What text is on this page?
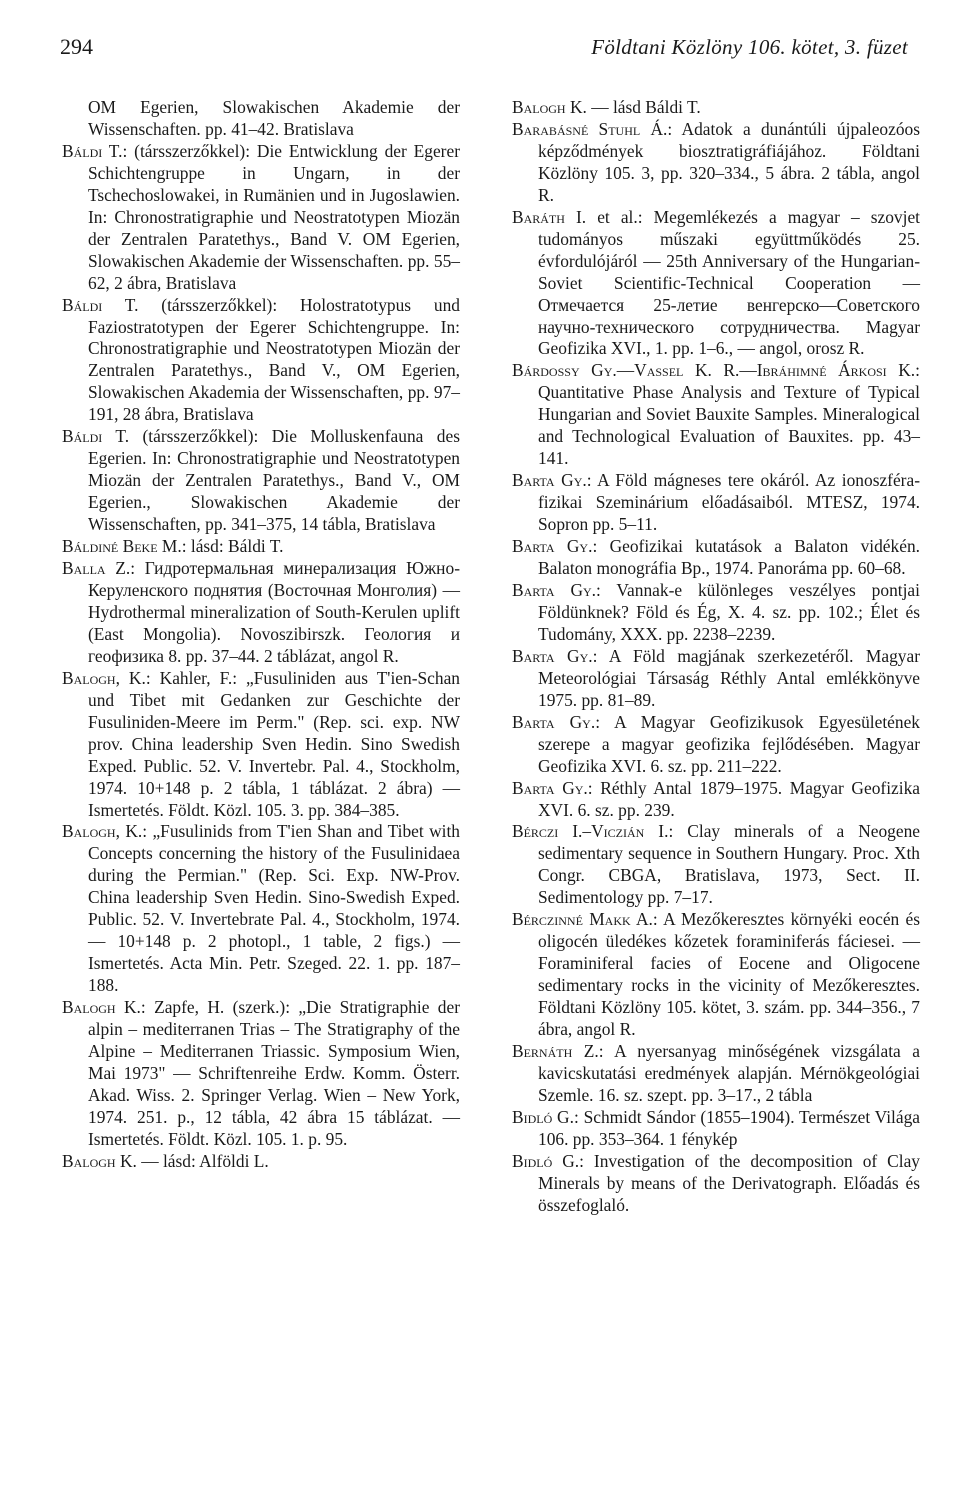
294	Földtani Közlöny 106. kötet, 3. füzet

OM Egerien, Slowakischen Akademie der Wissenschaften. pp. 41–42. Bratislava

Báldi T.: (társszerzőkkel): Die Entwicklung der Egerer Schichtengruppe in Ungarn, in der Tschechoslowakei, in Rumänien und in Jugoslawien. In: Chronostratigraphie und Neostratotypen Miozän der Zentralen Paratethys., Band V. OM Egerien, Slowakischen Akademie der Wissenschaften. pp. 55–62, 2 ábra, Bratislava

Báldi T. (társszerzőkkel): Holostratotypus und Faziostratotypen der Egerer Schichtengruppe. In: Chronostratigraphie und Neostratotypen Miozän der Zentralen Paratethys., Band V., OM Egerien, Slowakischen Akademia der Wissenschaften, pp. 97–191, 28 ábra, Bratislava

Báldi T. (társszerzőkkel): Die Molluskenfauna des Egerien. In: Chronostratigraphie und Neostratotypen Miozän der Zentralen Paratethys., Band V., OM Egerien., Slowakischen Akademie der Wissenschaften, pp. 341–375, 14 tábla, Bratislava

Báldiné Beke M.: lásd: Báldi T.

Balla Z.: Гидротермальная минерализация Южно-Керуленского поднятия (Восточная Монголия) — Hydrothermal mineralization of South-Kerulen uplift (East Mongolia). Novoszibirszk. Геология и геофизика 8. pp. 37–44. 2 táblázat, angol R.

Balogh, K.: Kahler, F.: „Fusuliniden aus T'ien-Schan und Tibet mit Gedanken zur Geschichte der Fusuliniden-Meere im Perm." (Rep. sci. exp. NW prov. China leadership Sven Hedin. Sino Swedish Exped. Public. 52. V. Invertebr. Pal. 4., Stockholm, 1974. 10+148 p. 2 tábla, 1 táblázat. 2 ábra) — Ismertetés. Földt. Közl. 105. 3. pp. 384–385.

Balogh, K.: „Fusulinids from T'ien Shan and Tibet with Concepts concerning the history of the Fusulinidaea during the Permian." (Rep. Sci. Exp. NW-Prov. China leadership Sven Hedin. Sino-Swedish Exped. Public. 52. V. Invertebrate Pal. 4., Stockholm, 1974. — 10+148 p. 2 photopl., 1 table, 2 figs.) — Ismertetés. Acta Min. Petr. Szeged. 22. 1. pp. 187–188.

Balogh K.: Zapfe, H. (szerk.): „Die Stratigraphie der alpin – mediterranen Trias – The Stratigraphy of the Alpine – Mediterranen Triassic. Symposium Wien, Mai 1973" — Schriftenreihe Erdw. Komm. Österr. Akad. Wiss. 2. Springer Verlag. Wien – New York, 1974. 251. p., 12 tábla, 42 ábra 15 táblázat. — Ismertetés. Földt. Közl. 105. 1. p. 95.

Balogh K. — lásd: Alföldi L.

Balogh K. — lásd Báldi T.

Barabásné Stuhl Á.: Adatok a dunántúli újpaleozóos képződmények biosztratigráfiájához. Földtani Közlöny 105. 3, pp. 320–334., 5 ábra. 2 tábla, angol R.

Baráth I. et al.: Megemlékezés a magyar – szovjet tudományos műszaki együttműködés 25. évfordulójáról — 25th Anniversary of the Hungarian-Soviet Scientific-Technical Cooperation — Отмечается 25-летие венгерско—Советского научно-технического сотрудничества. Magyar Geofizika XVI., 1. pp. 1–6., — angol, orosz R.

Bárdossy Gy.—Vassel K. R.—Ibráhimné Árkosi K.: Quantitative Phase Analysis and Texture of Typical Hungarian and Soviet Bauxite Samples. Mineralogical and Technological Evaluation of Bauxites. pp. 43–141.

Barta Gy.: A Föld mágneses tere okáról. Az ionoszféra-fizikai Szeminárium előadásaiból. MTESZ, 1974. Sopron pp. 5–11.

Barta Gy.: Geofizikai kutatások a Balaton vidékén. Balaton monográfia Bp., 1974. Panoráma pp. 60–68.

Barta Gy.: Vannak-e különleges veszélyes pontjai Földünknek? Föld és Ég, X. 4. sz. pp. 102.; Élet és Tudomány, XXX. pp. 2238–2239.

Barta Gy.: A Föld magjának szerkezetéről. Magyar Meteorológiai Társaság Réthly Antal emlékkönyve 1975. pp. 81–89.

Barta Gy.: A Magyar Geofizikusok Egyesületének szerepe a magyar geofizika fejlődésében. Magyar Geofizika XVI. 6. sz. pp. 211–222.

Barta Gy.: Réthly Antal 1879–1975. Magyar Geofizika XVI. 6. sz. pp. 239.

Bérczi I.–Viczián I.: Clay minerals of a Neogene sedimentary sequence in Southern Hungary. Proc. Xth Congr. CBGA, Bratislava, 1973, Sect. II. Sedimentology pp. 7–17.

Bérczinné Makk A.: A Mezőkeresztes környéki eocén és oligocén üledékes kőzetek foraminiferás fáciesei. — Foraminiferal facies of Eocene and Oligocene sedimentary rocks in the vicinity of Mezőkeresztes. Földtani Közlöny 105. kötet, 3. szám. pp. 344–356., 7 ábra, angol R.

Bernáth Z.: A nyersanyag minőségének vizsgálata a kavicskutatási eredmények alapján. Mérnökgeológiai Szemle. 16. sz. szept. pp. 3–17., 2 tábla

Bidló G.: Schmidt Sándor (1855–1904). Természet Világa 106. pp. 353–364. 1 fénykép

Bidló G.: Investigation of the decomposition of Clay Minerals by means of the Derivatograph. Előadás és összefoglaló.
